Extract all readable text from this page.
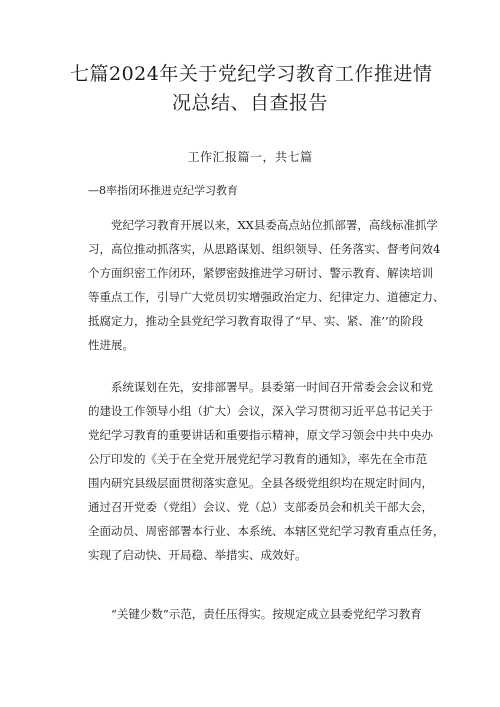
七篇2024年关于党纪学习教育工作推进情
况总结、自查报告
工作汇报篇一，共七篇
—8率指闭环推进克纪学习教育
党纪学习教育开展以来，XX县委高点站位抓部署，高线标准抓学
习，高位推动抓落实，从思路谋划、组织领导、任务落实、督考问效4
个方面织密工作闭环，紧锣密鼓推进学习研讨、警示教育、解读培训
等重点工作，引导广大党员切实增强政治定力、纪律定力、道德定力、
抵腐定力，推动全县党纪学习教育取得了“早、实、紧、准’’的阶段
性进展。
系统谋划在先，安排部署早。县委第一时间召开常委会会议和党
的建设工作领导小组（扩大）会议，深入学习贯彻习近平总书记关于
党纪学习教育的重要讲话和重要指示精神，原文学习领会中共中央办
公厅印发的《关于在全党开展党纪学习教育的通知》，率先在全市范
围内研究县级层面贯彻落实意见。全县各级党组织均在规定时间内，
通过召开党委（党组）会议、党（总）支部委员会和机关干部大会，
全面动员、周密部署本行业、本系统、本辖区党纪学习教育重点任务，
实现了启动快、开局稳、举措实、成效好。
“关键少数”示范，责任压得实。按规定成立县委党纪学习教育
